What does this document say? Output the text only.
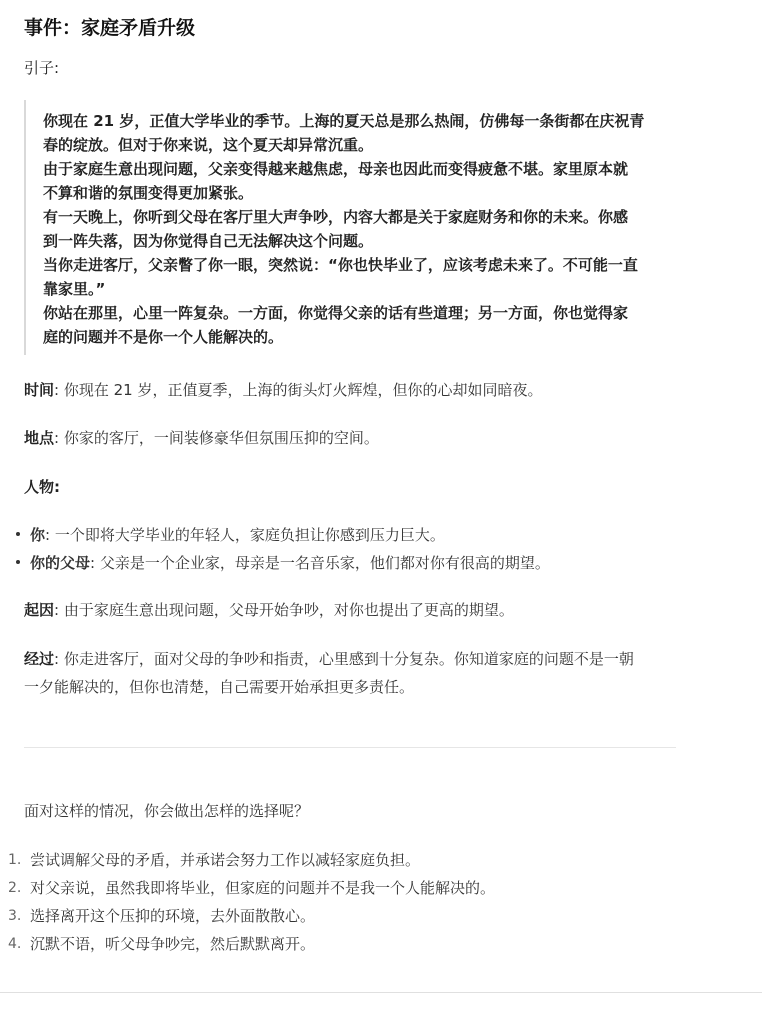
事件：家庭矛盾升级
引子:

你现在 21 岁，正值大学毕业的季节。上海的夏天总是那么热闹，仿佛每一条街都在庆祝青

春的绽放。但对于你来说，这个夏天却异常沉重。

由于家庭生意出现问题，父亲变得越来越焦虑，母亲也因此而变得疲惫不堪。家里原本就

不算和谐的氛围变得更加紧张。

有一天晚上，你听到父母在客厅里大声争吵，内容大都是关于家庭财务和你的未来。你感

到一阵失落，因为你觉得自己无法解决这个问题。

当你走进客厅，父亲瞥了你一眼，突然说：“你也快毕业了，应该考虑未来了。不可能一直

靠家里。”

你站在那里，心里一阵复杂。一方面，你觉得父亲的话有些道理；另一方面，你也觉得家

庭的问题并不是你一个人能解决的。

时间: 你现在 21 岁，正值夏季，上海的街头灯火辉煌，但你的心却如同暗夜。
地点: 你家的客厅，一间装修豪华但氛围压抑的空间。
人物:
你: 一个即将大学毕业的年轻人，家庭负担让你感到压力巨大。
你的父母: 父亲是一个企业家，母亲是一名音乐家，他们都对你有很高的期望。
起因: 由于家庭生意出现问题，父母开始争吵，对你也提出了更高的期望。
经过: 你走进客厅，面对父母的争吵和指责，心里感到十分复杂。你知道家庭的问题不是一朝
一夕能解决的，但你也清楚，自己需要开始承担更多责任。
面对这样的情况，你会做出怎样的选择呢？
1. 尝试调解父母的矛盾，并承诺会努力工作以减轻家庭负担。
2. 对父亲说，虽然我即将毕业，但家庭的问题并不是我一个人能解决的。
3. 选择离开这个压抑的环境，去外面散散心。
4. 沉默不语，听父母争吵完，然后默默离开。
